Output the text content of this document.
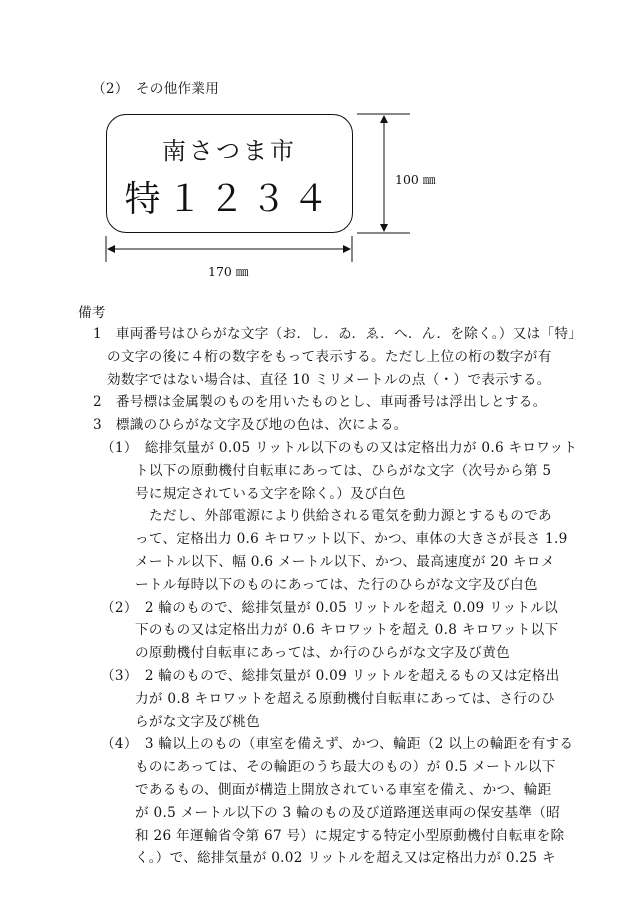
（2）　その他作業用
南さつま市
特１２３４	100 ㎜
170 ㎜
備考
1　車両番号はひらがな文字（お．し．ゐ．ゑ．へ．ん．を除く。）又は「特」
の文字の後に４桁の数字をもって表示する。ただし上位の桁の数字が有
効数字ではない場合は、直径 10 ミリメートルの点（・）で表示する。
2　番号標は金属製のものを用いたものとし、車両番号は浮出しとする。
3　標識のひらがな文字及び地の色は、次による。
（1）　総排気量が 0.05 リットル以下のもの又は定格出力が 0.6 キロワット
ト以下の原動機付自転車にあっては、ひらがな文字（次号から第 5
号に規定されている文字を除く。）及び白色
ただし、外部電源により供給される電気を動力源とするものであ
って、定格出力 0.6 キロワット以下、かつ、車体の大きさが長さ 1.9
メートル以下、幅 0.6 メートル以下、かつ、最高速度が 20 キロメ
ートル毎時以下のものにあっては、た行のひらがな文字及び白色
（2）　2 輪のもので、総排気量が 0.05 リットルを超え 0.09 リットル以
下のもの又は定格出力が 0.6 キロワットを超え 0.8 キロワット以下
の原動機付自転車にあっては、か行のひらがな文字及び黄色
（3）　2 輪のもので、総排気量が 0.09 リットルを超えるもの又は定格出
力が 0.8 キロワットを超える原動機付自転車にあっては、さ行のひ
らがな文字及び桃色
（4）　3 輪以上のもの（車室を備えず、かつ、輪距（2 以上の輪距を有する
ものにあっては、その輪距のうち最大のもの）が 0.5 メートル以下
であるもの、側面が構造上開放されている車室を備え、かつ、輪距
が 0.5 メートル以下の 3 輪のもの及び道路運送車両の保安基準（昭
和 26 年運輸省令第 67 号）に規定する特定小型原動機付自転車を除
く。）で、総排気量が 0.02 リットルを超え又は定格出力が 0.25 キ
